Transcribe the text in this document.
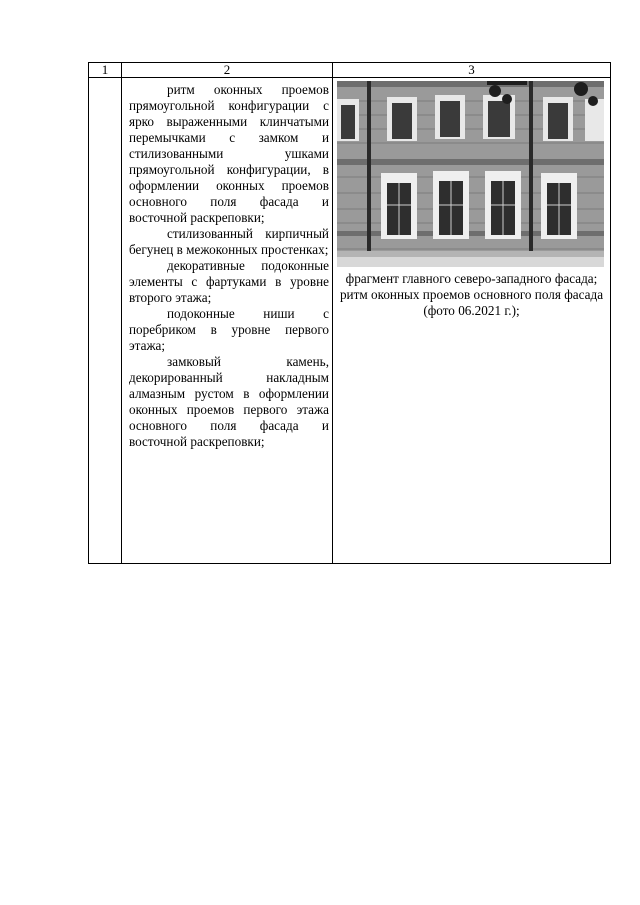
1	2	3

	ритм оконных проемов прямоугольной конфигурации с ярко выраженными клинчатыми перемычками с замком и стилизованными ушками прямоугольной конфигурации, в оформлении оконных проемов основного поля фасада и восточной раскреповки;

стилизованный кирпичный бегунец в межоконных простенках;

декоративные подоконные элементы с фартуками в уровне второго этажа;

подоконные ниши с поребриком в уровне первого этажа;

замковый камень, декорированный накладным алмазным рустом в оформлении оконных проемов первого этажа основного поля фасада и восточной раскреповки;	фрагмент главного северо-западного фасада; ритм оконных проемов основного поля фасада (фото 06.2021 г.);
